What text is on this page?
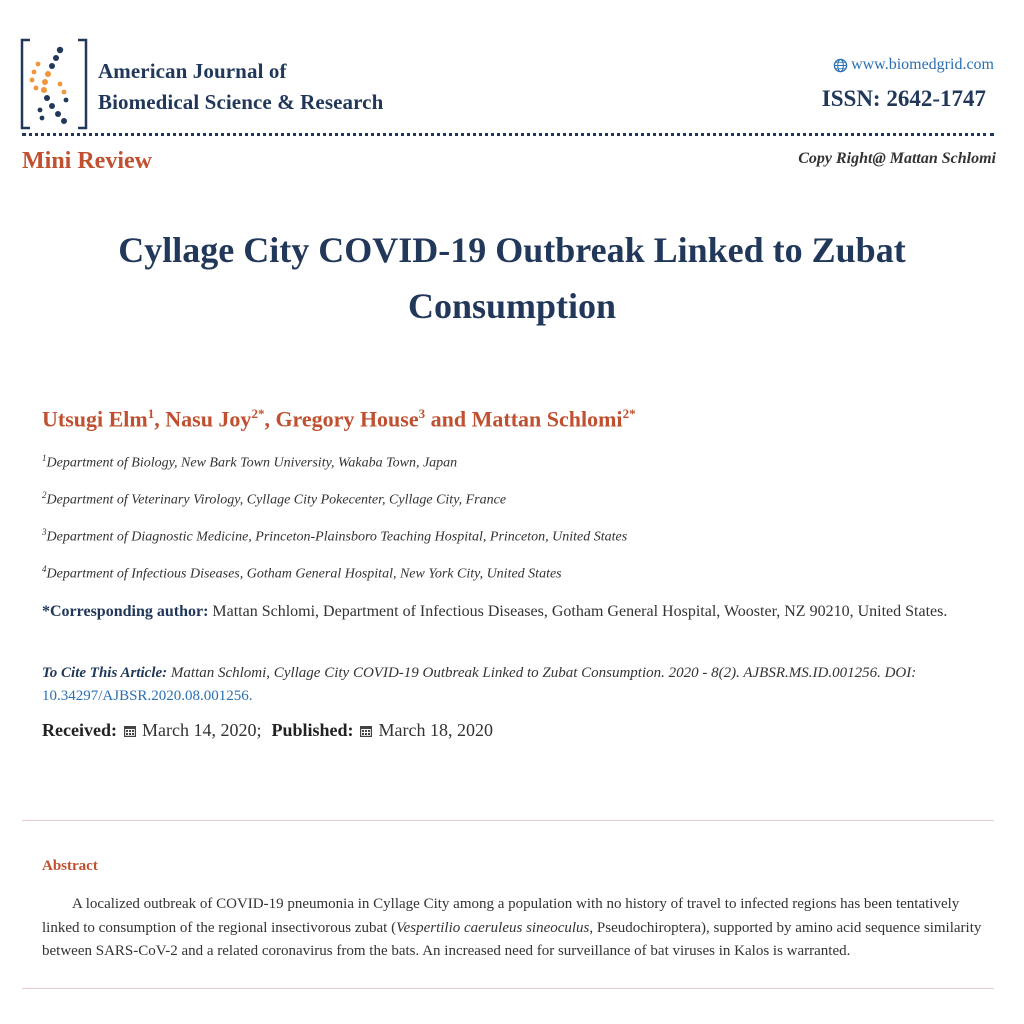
American Journal of
Biomedical Science & Research
www.biomedgrid.com
ISSN: 2642-1747
Mini Review	Copy Right@ Mattan Schlomi
Cyllage City COVID-19 Outbreak Linked to Zubat
Consumption
Utsugi Elm$^1$, Nasu Joy$^{2*}$, Gregory House$^3$ and Mattan Schlomi$^{2*}$
$^1$Department of Biology, New Bark Town University, Wakaba Town, Japan
$^2$Department of Veterinary Virology, Cyllage City Pokecenter, Cyllage City, France
$^3$Department of Diagnostic Medicine, Princeton-Plainsboro Teaching Hospital, Princeton, United States
$^4$Department of Infectious Diseases, Gotham General Hospital, New York City, United States
*Corresponding author: Mattan Schlomi, Department of Infectious Diseases, Gotham General Hospital, Wooster, NZ 90210, United States.
To Cite This Article: Mattan Schlomi, Cyllage City COVID-19 Outbreak Linked to Zubat Consumption. 2020 - 8(2). AJBSR.MS.ID.001256. DOI:
10.34297/AJBSR.2020.08.001256.
Received: March 14, 2020; Published: March 18, 2020
Abstract
A localized outbreak of COVID-19 pneumonia in Cyllage City among a population with no history of travel to infected regions has been tentatively linked to consumption of the regional insectivorous zubat (Vespertilio caeruleus sineoculus, Pseudochiroptera), supported by amino acid sequence similarity between SARS-CoV-2 and a related coronavirus from the bats. An increased need for surveillance of bat viruses in Kalos is warranted.
